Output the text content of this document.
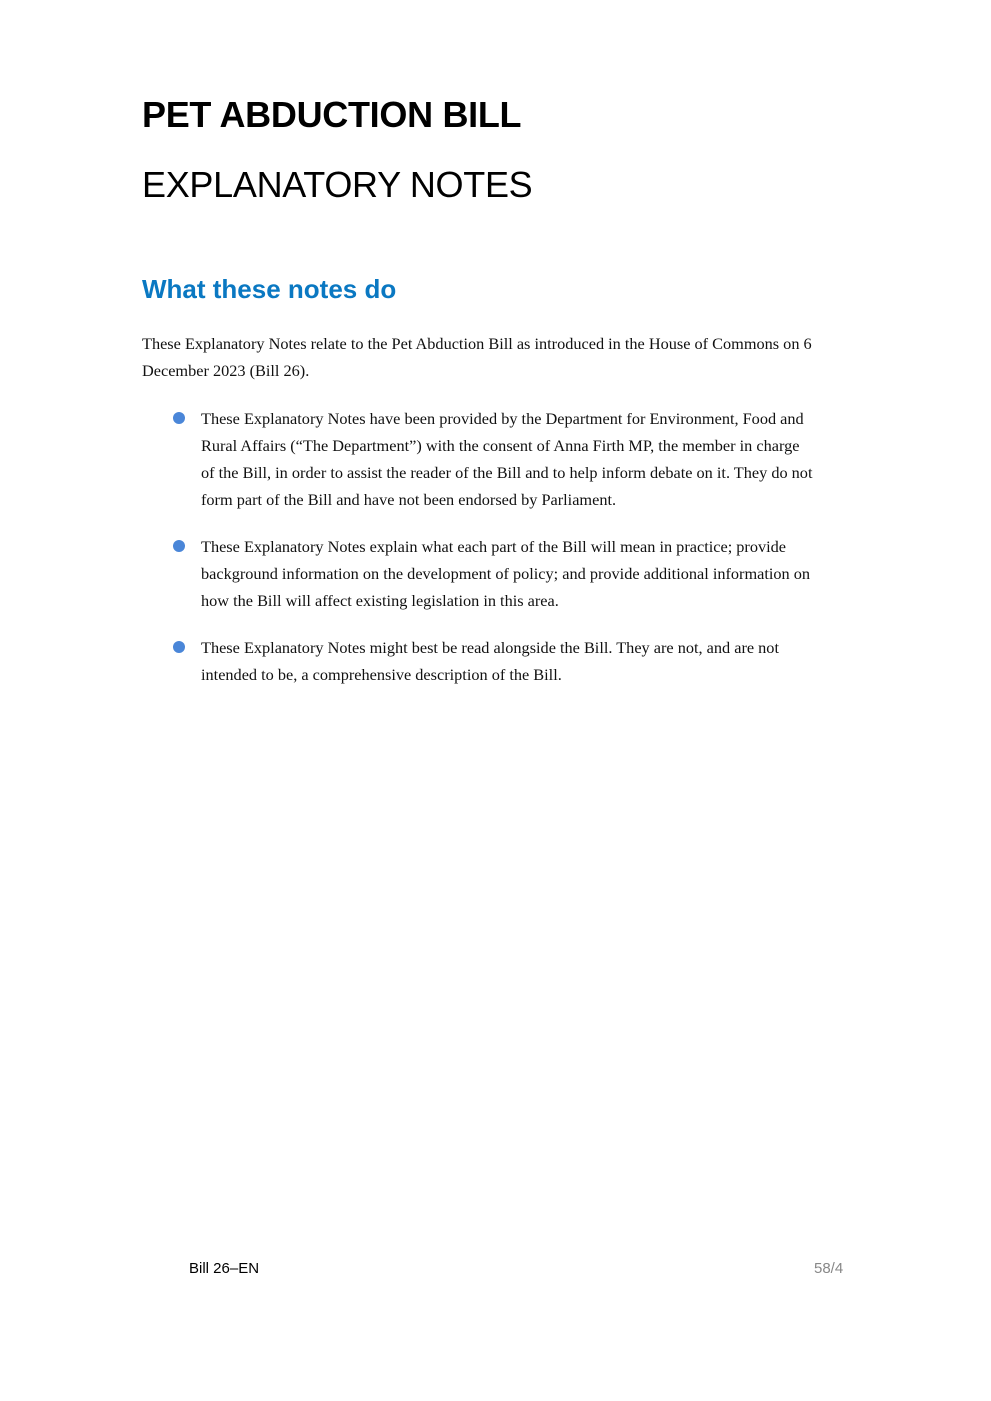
PET ABDUCTION BILL
EXPLANATORY NOTES
What these notes do
These Explanatory Notes relate to the Pet Abduction Bill as introduced in the House of Commons on 6
December 2023 (Bill 26).
These Explanatory Notes have been provided by the Department for Environment, Food and
Rural Affairs (“The Department”) with the consent of Anna Firth MP, the member in charge
of the Bill, in order to assist the reader of the Bill and to help inform debate on it. They do not
form part of the Bill and have not been endorsed by Parliament.
These Explanatory Notes explain what each part of the Bill will mean in practice; provide
background information on the development of policy; and provide additional information on
how the Bill will affect existing legislation in this area.
These Explanatory Notes might best be read alongside the Bill. They are not, and are not
intended to be, a comprehensive description of the Bill.
Bill 26–EN	58/4
